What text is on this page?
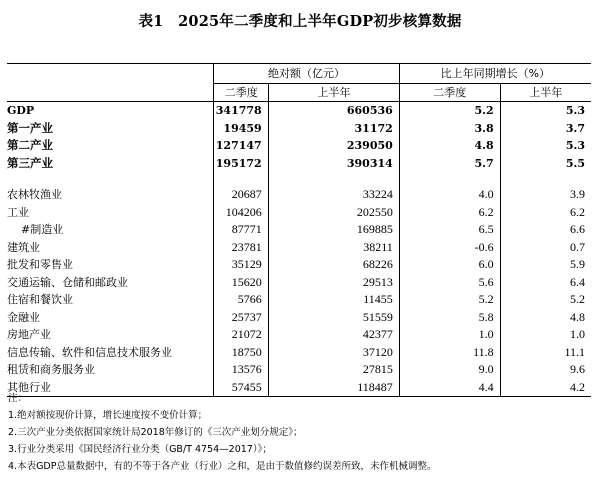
表1　2025年二季度和上半年GDP初步核算数据
	绝对额（亿元）		比上年同期增长（%）	

	二季度 上半年		二季度	上半年
GDP	341778	660536	5.2	5.3
第一产业	19459	31172	3.8	3.7
第二产业	127147	239050	4.8	5.3
第三产业	195172	390314	5.7	5.5

农林牧渔业	20687	33224	4.0	3.9
工业	104206	202550	6.2	6.2
#制造业	87771	169885	6.5	6.6
建筑业	23781	38211	-0.6	0.7
批发和零售业	35129	68226	6.0	5.9
交通运输、仓储和邮政业	15620	29513	5.6	6.4
住宿和餐饮业	5766	11455	5.2	5.2
金融业	25737	51559	5.8	4.8
房地产业	21072	42377	1.0	1.0
信息传输、软件和信息技术服务业	18750	37120	11.8	11.1
租赁和商务服务业	13576	27815	9.0	9.6
其他行业	57455	118487	4.4	4.2
注：
1.绝对额按现价计算，增长速度按不变价计算；
2.三次产业分类依据国家统计局2018年修订的《三次产业划分规定》；
3.行业分类采用《国民经济行业分类（GB/T 4754—2017）》；
4.本表GDP总量数据中，有的不等于各产业（行业）之和，是由于数值修约误差所致，未作机械调整。
